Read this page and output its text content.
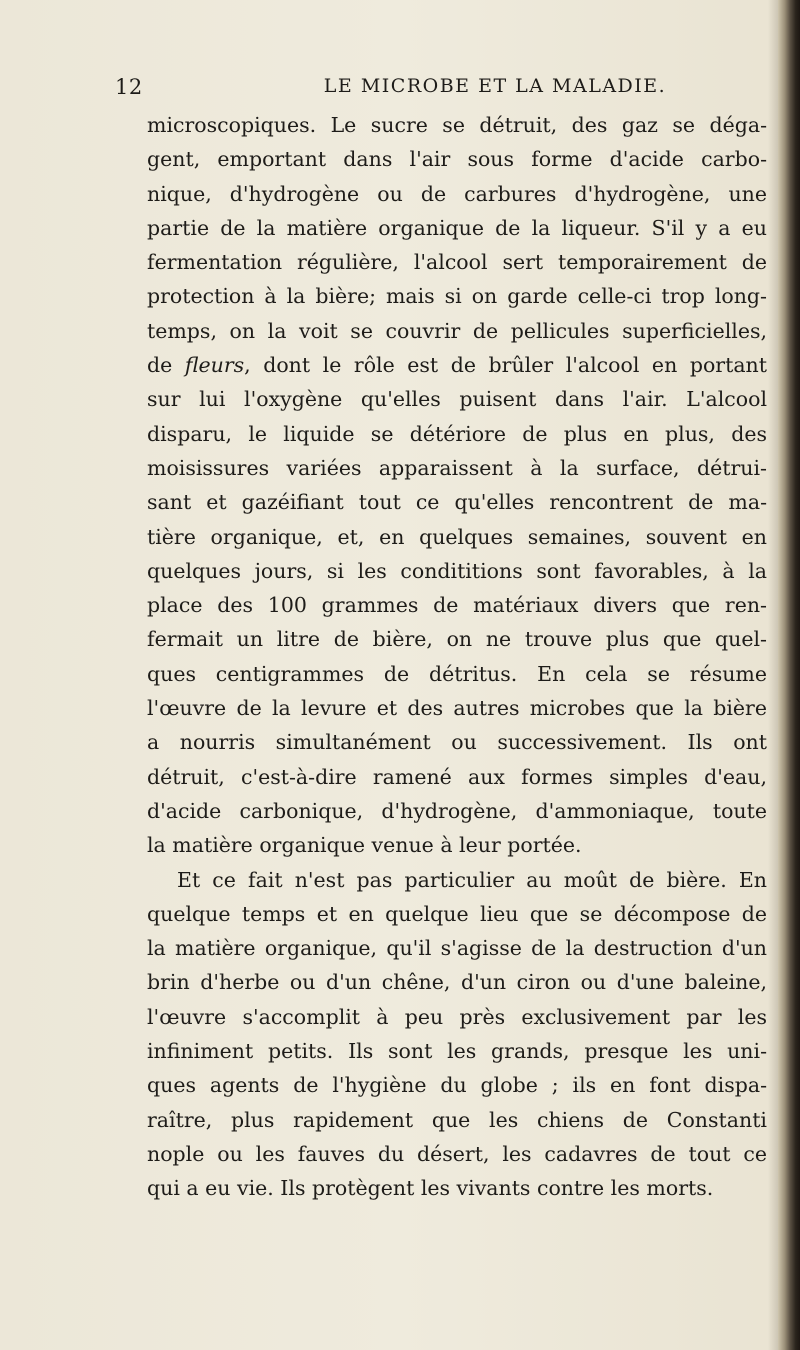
12	LE MICROBE ET LA MALADIE.
microscopiques. Le sucre se détruit, des gaz se déga-
gent, emportant dans l'air sous forme d'acide carbo-
nique, d'hydrogène ou de carbures d'hydrogène, une
partie de la matière organique de la liqueur. S'il y a eu
fermentation régulière, l'alcool sert temporairement de
protection à la bière; mais si on garde celle-ci trop long-
temps, on la voit se couvrir de pellicules superficielles,
de fleurs, dont le rôle est de brûler l'alcool en portant
sur lui l'oxygène qu'elles puisent dans l'air. L'alcool
disparu, le liquide se détériore de plus en plus, des
moisissures variées apparaissent à la surface, détrui-
sant et gazéifiant tout ce qu'elles rencontrent de ma-
tière organique, et, en quelques semaines, souvent en
quelques jours, si les condititions sont favorables, à la
place des 100 grammes de matériaux divers que ren-
fermait un litre de bière, on ne trouve plus que quel-
ques centigrammes de détritus. En cela se résume
l'œuvre de la levure et des autres microbes que la bière
a nourris simultanément ou successivement. Ils ont
détruit, c'est-à-dire ramené aux formes simples d'eau,
d'acide carbonique, d'hydrogène, d'ammoniaque, toute
la matière organique venue à leur portée.
Et ce fait n'est pas particulier au moût de bière. En
quelque temps et en quelque lieu que se décompose de
la matière organique, qu'il s'agisse de la destruction d'un
brin d'herbe ou d'un chêne, d'un ciron ou d'une baleine,
l'œuvre s'accomplit à peu près exclusivement par les
infiniment petits. Ils sont les grands, presque les uni-
ques agents de l'hygiène du globe ; ils en font dispa-
raître, plus rapidement que les chiens de Constanti
nople ou les fauves du désert, les cadavres de tout ce
qui a eu vie. Ils protègent les vivants contre les morts.
